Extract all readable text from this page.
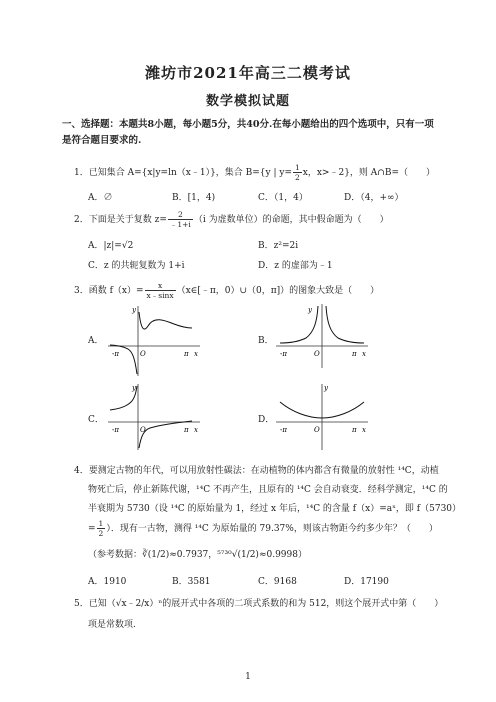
潍坊市2021年高三二模考试
数学模拟试题
一、选择题：本题共8小题，每小题5分，共40分.在每小题给出的四个选项中，只有一项
是符合题目要求的.
1．已知集合 A={x|y=ln（x﹣1）}，集合 B={y | $y= \frac{1}{2}$ x，x>﹣2}，则 A∩B=（　　）
A．∅	B．[1，4)	C．（1，4）	D．（4，+∞）
2．下面是关于复数 $z= \frac{2}{﹣1+i} (i$ 为虚数单位）的命题，其中假命题为（　　）
A．|z|=√2	B．z²=2i
C．z 的共轭复数为 1+i	D．z 的虚部为﹣1
3．函数 $f(x)= \frac{x}{x﹣\sin x}$ （x∈[﹣π，0）∪（0，π]）的图象大致是（　　）
A．
-π	O	π x
y
B．
-π	O	π x
y
C．
-π	O	π x
y
D．
-π	O	π x
y
4．要测定古物的年代，可以用放射性碳法：在动植物的体内都含有微量的放射性 ¹⁴C，动植
物死亡后，停止新陈代谢，¹⁴C 不再产生，且原有的 ¹⁴C 会自动衰变．经科学测定，¹⁴C 的
半衰期为 5730（设 ¹⁴C 的原始量为 1，经过 x 年后，¹⁴C 的含量 f（x）=aˣ，即 f（5730）
= $\frac{1}{2}$ ）．现有一古物，测得 ¹⁴C 为原始量的 79.37%，则该古物距今约多少年？（　　）
（参考数据：∛(1/2)≈0.7937，⁵⁷³⁰√(1/2)≈0.9998）
A．1910	B．3581	C．9168	D．17190
5．已知（√x﹣2/x）ⁿ的展开式中各项的二项式系数的和为 512，则这个展开式中第（　　）
项是常数项.
1
